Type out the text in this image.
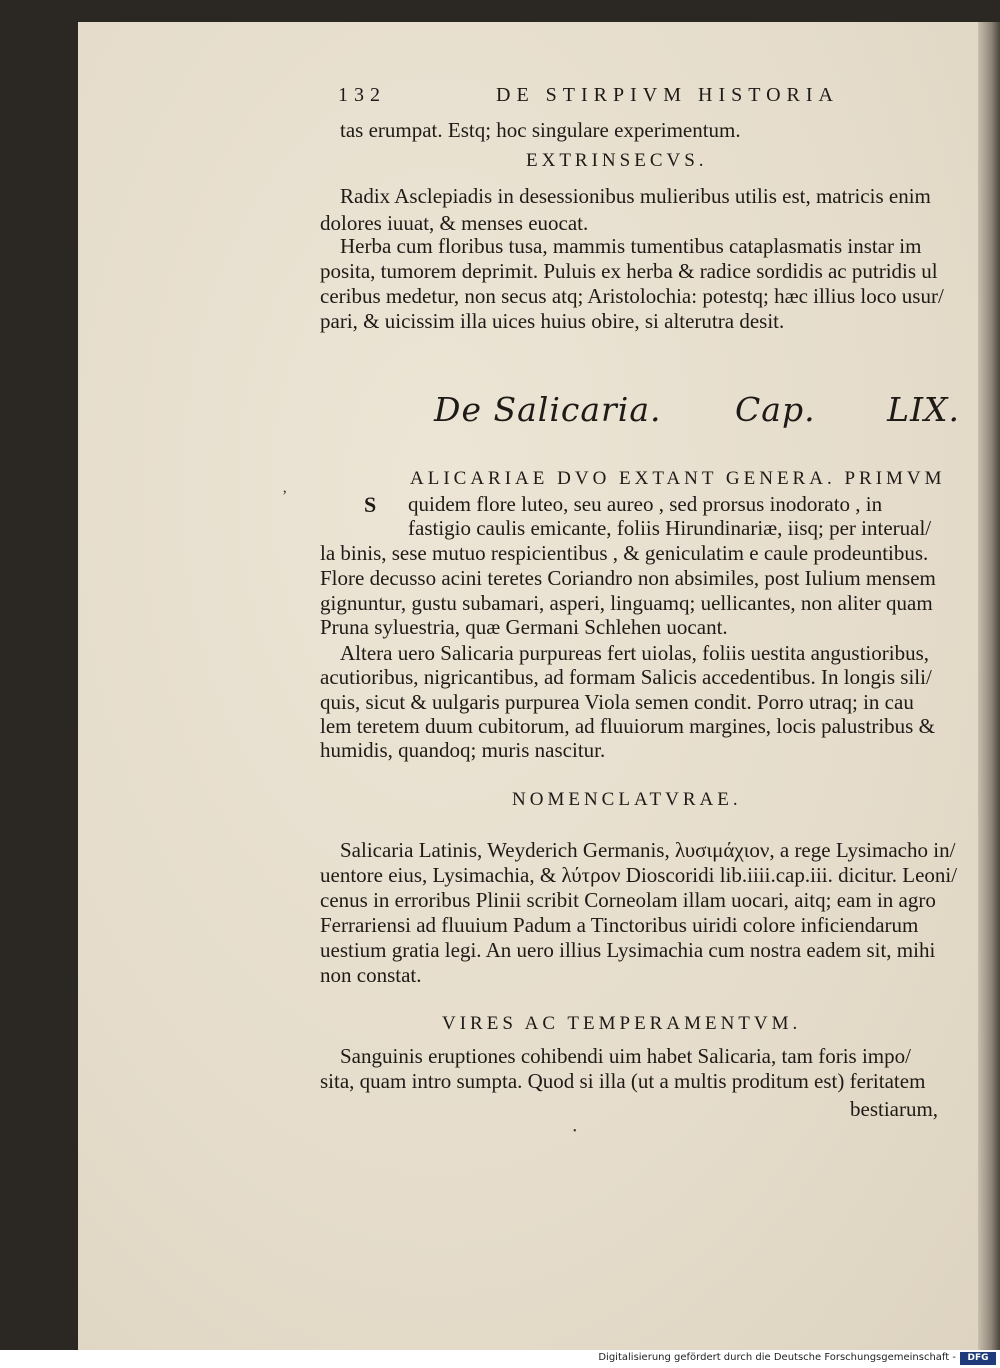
132	DE STIRPIVM HISTORIA
tas erumpat. Estq; hoc singulare experimentum.
EXTRINSECVS.
Radix Asclepiadis in desessionibus mulieribus utilis est, matricis enim
dolores iuuat, & menses euocat.
Herba cum floribus tusa, mammis tumentibus cataplasmatis instar im
posita, tumorem deprimit. Puluis ex herba & radice sordidis ac putridis ul
ceribus medetur, non secus atq; Aristolochia: potestq; hæc illius loco usur/
pari, & uicissim illa uices huius obire, si alterutra desit.
De Salicaria. Cap. LIX.
S
ALICARIAE DVO EXTANT GENERA. PRIMVM
quidem flore luteo, seu aureo , sed prorsus inodorato , in
fastigio caulis emicante, foliis Hirundinariæ, iisq; per interual/
la binis, sese mutuo respicientibus , & geniculatim e caule prodeuntibus.
Flore decusso acini teretes Coriandro non absimiles, post Iulium mensem
gignuntur, gustu subamari, asperi, linguamq; uellicantes, non aliter quam
Pruna syluestria, quæ Germani Schlehen uocant.
Altera uero Salicaria purpureas fert uiolas, foliis uestita angustioribus,
acutioribus, nigricantibus, ad formam Salicis accedentibus. In longis sili/
quis, sicut & uulgaris purpurea Viola semen condit. Porro utraq; in cau
lem teretem duum cubitorum, ad fluuiorum margines, locis palustribus &
humidis, quandoq; muris nascitur.
NOMENCLATVRAE.
Salicaria Latinis, Weyderich Germanis, λυσιμάχιον, a rege Lysimacho in/
uentore eius, Lysimachia, & λύτρον Dioscoridi lib.iiii.cap.iii. dicitur. Leoni/
cenus in erroribus Plinii scribit Corneolam illam uocari, aitq; eam in agro
Ferrariensi ad fluuium Padum a Tinctoribus uiridi colore inficiendarum
uestium gratia legi. An uero illius Lysimachia cum nostra eadem sit, mihi
non constat.
VIRES AC TEMPERAMENTVM.
Sanguinis eruptiones cohibendi uim habet Salicaria, tam foris impo/
sita, quam intro sumpta. Quod si illa (ut a multis proditum est) feritatem
bestiarum,
’
•
Digitalisierung gefördert durch die Deutsche Forschungsgemeinschaft -	DFG
